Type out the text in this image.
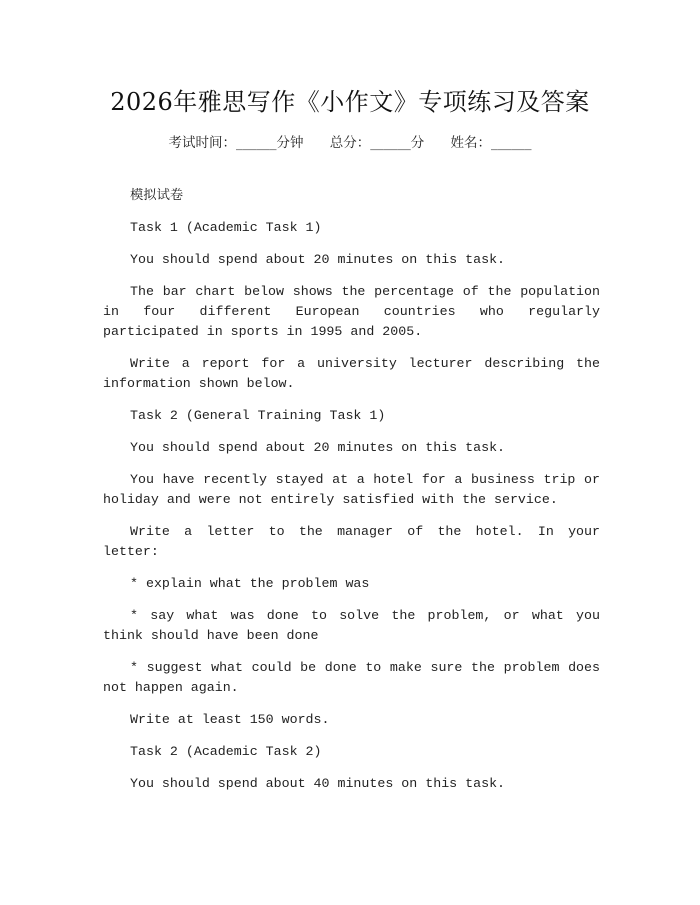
2026年雅思写作《小作文》专项练习及答案
考试时间：______分钟 总分：______分 姓名：______

模拟试卷

Task 1 (Academic Task 1)

You should spend about 20 minutes on this task.

The bar chart below shows the percentage of the population in four different European countries who regularly participated in sports in 1995 and 2005.

Write a report for a university lecturer describing the information shown below.

Task 2 (General Training Task 1)

You should spend about 20 minutes on this task.

You have recently stayed at a hotel for a business trip or holiday and were not entirely satisfied with the service.

Write a letter to the manager of the hotel. In your letter:

* explain what the problem was

* say what was done to solve the problem, or what you think should have been done

* suggest what could be done to make sure the problem does not happen again.

Write at least 150 words.

Task 2 (Academic Task 2)

You should spend about 40 minutes on this task.
